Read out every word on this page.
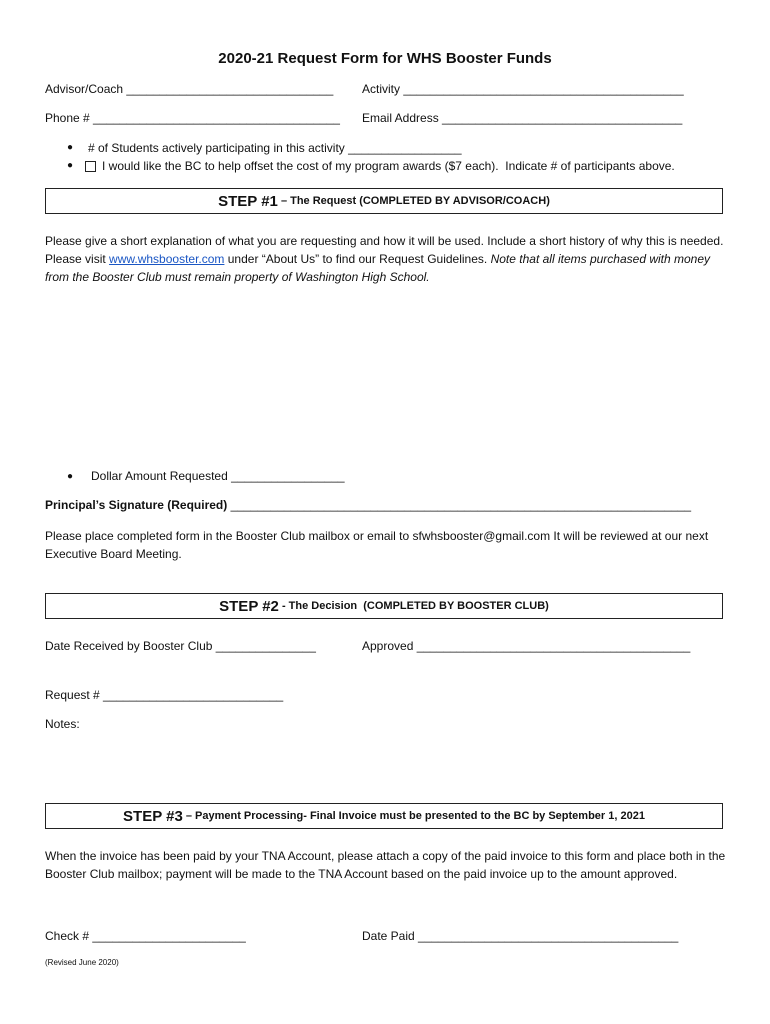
2020-21 Request Form for WHS Booster Funds
Advisor/Coach _______________________________ Activity __________________________________________
Phone # _____________________________________ Email Address ____________________________________
● # of Students actively participating in this activity _________________
● I would like the BC to help offset the cost of my program awards ($7 each).  Indicate # of participants above.
STEP #1 – The Request (COMPLETED BY ADVISOR/COACH)
Please give a short explanation of what you are requesting and how it will be used. Include a short history of why this is needed. Please visit www.whsbooster.com under “About Us” to find our Request Guidelines. Note that all items purchased with money from the Booster Club must remain property of Washington High School.
● Dollar Amount Requested _________________
Principal’s Signature (Required) _____________________________________________________________________
Please place completed form in the Booster Club mailbox or email to sfwhsbooster@gmail.com It will be reviewed at our next Executive Board Meeting.
STEP #2 - The Decision  (COMPLETED BY BOOSTER CLUB)
Date Received by Booster Club _______________	Approved _________________________________________
Request # ___________________________
Notes:
STEP #3 – Payment Processing- Final Invoice must be presented to the BC by September 1, 2021
When the invoice has been paid by your TNA Account, please attach a copy of the paid invoice to this form and place both in the Booster Club mailbox; payment will be made to the TNA Account based on the paid invoice up to the amount approved.
Check # _______________________	Date Paid _______________________________________
(Revised June 2020)
